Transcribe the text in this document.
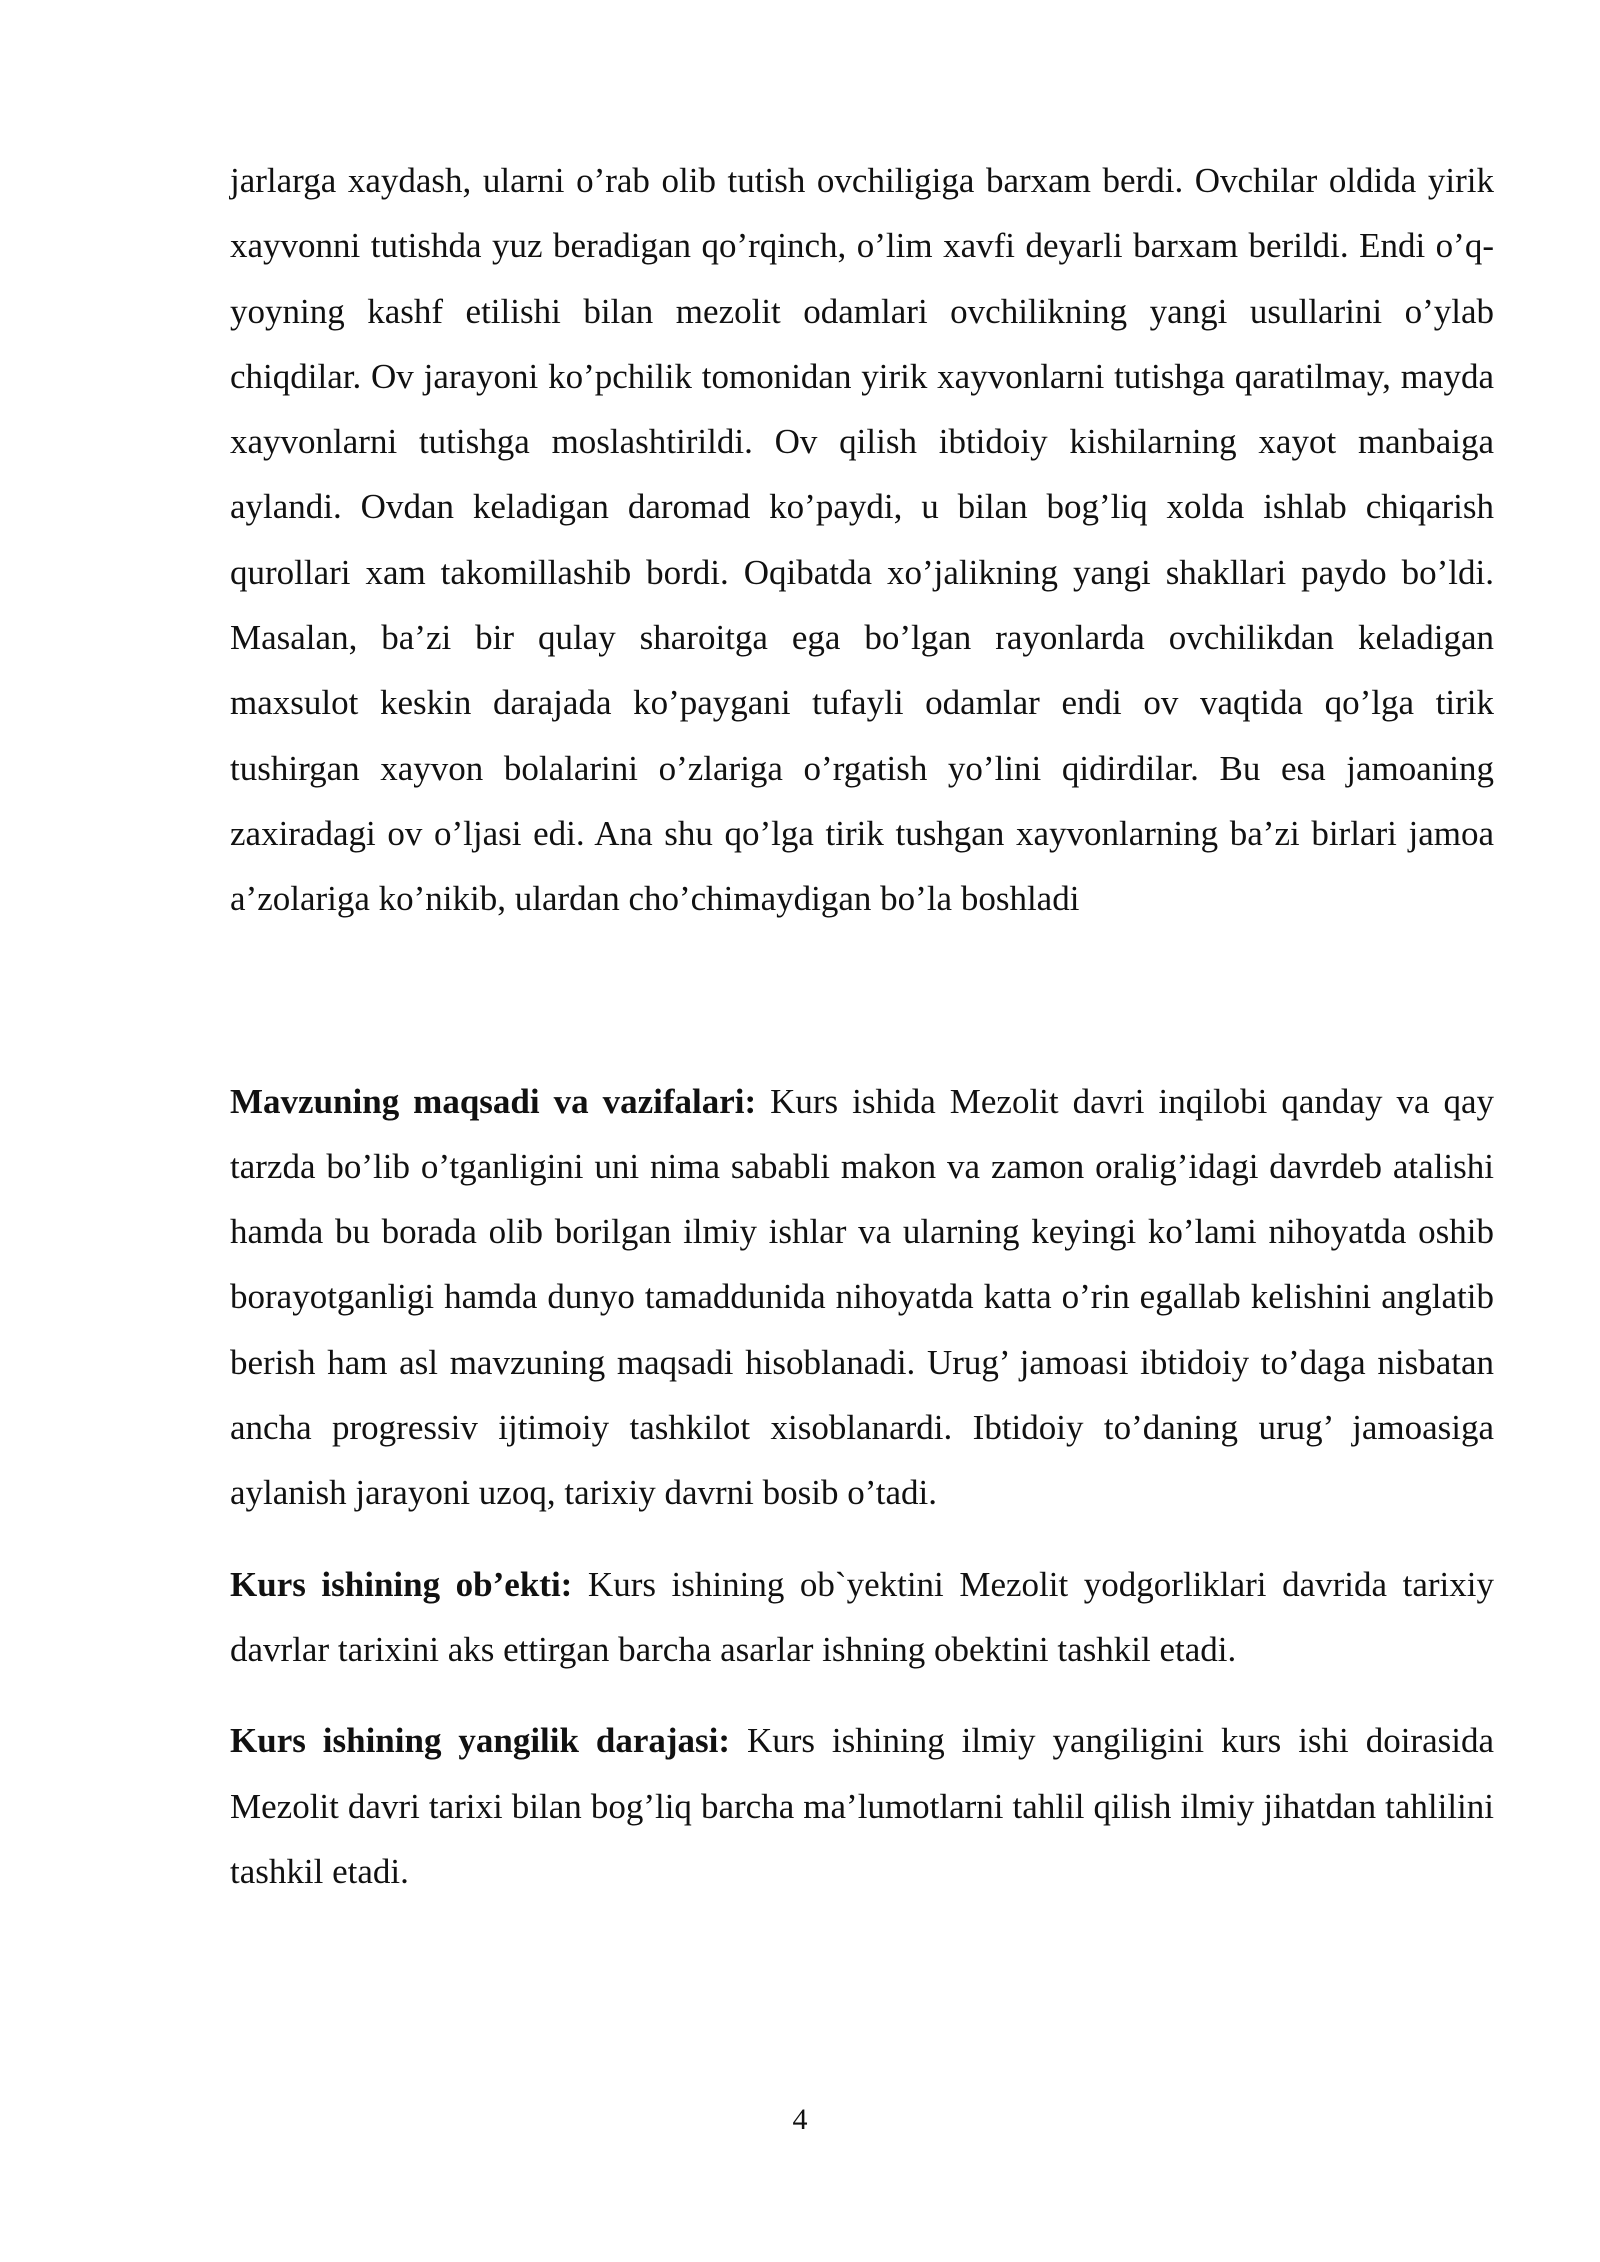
jarlarga xaydash, ularni o’rab olib tutish ovchiligiga barxam berdi. Ovchilar oldida yirik xayvonni tutishda yuz beradigan qo’rqinch, o’lim xavfi deyarli barxam berildi. Endi o’q-yoyning kashf etilishi bilan mezolit odamlari ovchilikning yangi usullarini o’ylab chiqdilar. Ov jarayoni ko’pchilik tomonidan yirik xayvonlarni tutishga qaratilmay, mayda xayvonlarni tutishga moslashtirildi. Ov qilish ibtidoiy kishilarning xayot manbaiga aylandi. Ovdan keladigan daromad ko’paydi, u bilan bog’liq xolda ishlab chiqarish qurollari xam takomillashib bordi. Oqibatda xo’jalikning yangi shakllari paydo bo’ldi. Masalan, ba’zi bir qulay sharoitga ega bo’lgan rayonlarda ovchilikdan keladigan maxsulot keskin darajada ko’paygani tufayli odamlar endi ov vaqtida qo’lga tirik tushirgan xayvon bolalarini o’zlariga o’rgatish yo’lini qidirdilar. Bu esa jamoaning zaxiradagi ov o’ljasi edi. Ana shu qo’lga tirik tushgan xayvonlarning ba’zi birlari jamoa a’zolariga ko’nikib, ulardan cho’chimaydigan bo’la boshladi

Mavzuning maqsadi va vazifalari: Kurs ishida Mezolit davri inqilobi qanday va qay tarzda bo’lib o’tganligini uni nima sababli makon va zamon oralig’idagi davrdeb atalishi hamda bu borada olib borilgan ilmiy ishlar va ularning keyingi ko’lami nihoyatda oshib borayotganligi hamda dunyo tamaddunida nihoyatda katta o’rin egallab kelishini anglatib berish ham asl mavzuning maqsadi hisoblanadi. Urug’ jamoasi ibtidoiy to’daga nisbatan ancha progressiv ijtimoiy tashkilot xisoblanardi. Ibtidoiy to’daning urug’ jamoasiga aylanish jarayoni uzoq, tarixiy davrni bosib o’tadi.

Kurs ishining ob’ekti: Kurs ishining ob`yektini Mezolit yodgorliklari davrida tarixiy davrlar tarixini aks ettirgan barcha asarlar ishning obektini tashkil etadi.

Kurs ishining yangilik darajasi: Kurs ishining ilmiy yangiligini kurs ishi doirasida Mezolit davri tarixi bilan bog’liq barcha ma’lumotlarni tahlil qilish ilmiy jihatdan tahlilini tashkil etadi.

4
